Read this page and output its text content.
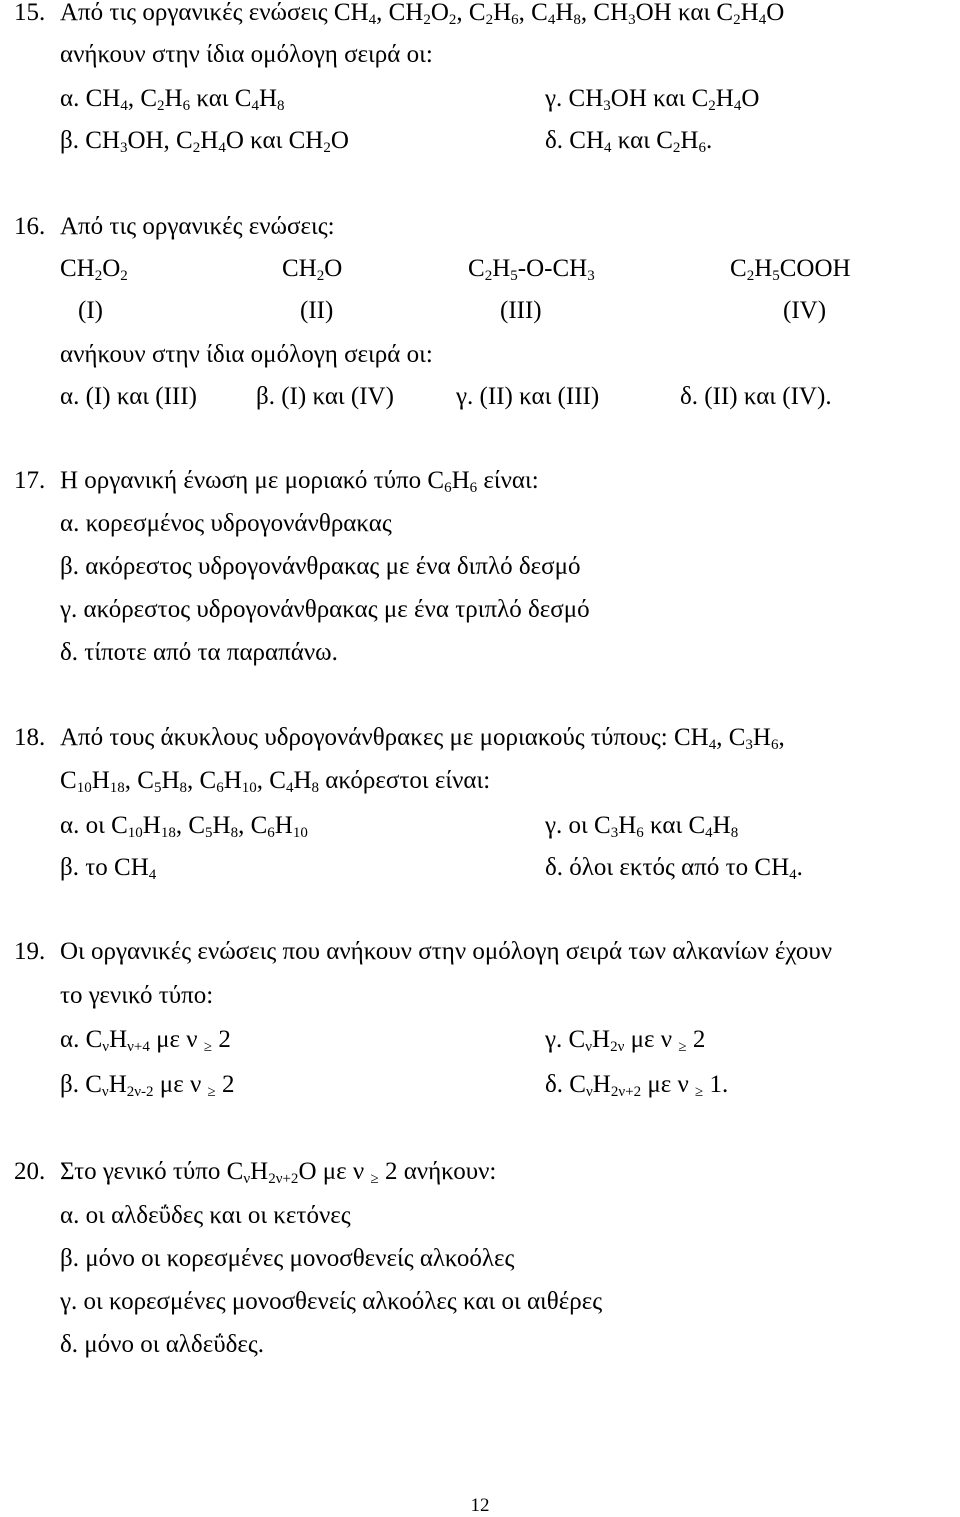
15. Από τις οργανικές ενώσεις $CH_4$, $CH_2O_2$, $C_2H_6$, $C_4H_8$, $CH_3OH$ και $C_2H_4O$
ανήκουν στην ίδια ομόλογη σειρά οι:
α. $CH_4$, $C_2H_6$ και $C_4H_8$	γ. $CH_3OH$ και $C_2H_4O$
β. $CH_3OH$, $C_2H_4O$ και $CH_2O$	δ. $CH_4$ και $C_2H_6$.
16. Από τις οργανικές ενώσεις:
$CH_2O_2$	$CH_2O$	$C_2H_5-O-CH_3$	$C_2H_5COOH$
(I)	(II)	(III)	(IV)
ανήκουν στην ίδια ομόλογη σειρά οι:
α. (I) και (III) β. (I) και (IV) γ. (II) και (III)	δ. (II) και (IV).
17. Η οργανική ένωση με μοριακό τύπο $C_6H_6$ είναι:
α. κορεσμένος υδρογονάνθρακας
β. ακόρεστος υδρογονάνθρακας με ένα διπλό δεσμό
γ. ακόρεστος υδρογονάνθρακας με ένα τριπλό δεσμό
δ. τίποτε από τα παραπάνω.
18. Από τους άκυκλους υδρογονάνθρακες με μοριακούς τύπους: $CH_4$, $C_3H_6$,
$C_{10}H_{18}$, $C_5H_8$, $C_6H_{10}$, $C_4H_8$ ακόρεστοι είναι:
α. οι $C_{10}H_{18}$, $C_5H_8$, $C_6H_{10}$	γ. οι $C_3H_6$ και $C_4H_8$
β. το $CH_4$	δ. όλοι εκτός από το $CH_4$.
19. Οι οργανικές ενώσεις που ανήκουν στην ομόλογη σειρά των αλκανίων έχουν
το γενικό τύπο:
α. $C_\nu H_{\nu+4}$ με ν $_\ge$ 2	γ. $C_\nu H_{2\nu}$ με ν $_\ge$ 2
β. $C_\nu H_{2\nu-2}$ με ν $_\ge$ 2	δ. $C_\nu H_{2\nu+2}$ με ν $_\ge$ 1.
20. Στο γενικό τύπο $C_\nu H_{2\nu+2}O$ με ν $_\ge$ 2 ανήκουν:
α. οι αλδεΰδες και οι κετόνες
β. μόνο οι κορεσμένες μονοσθενείς αλκοόλες
γ. οι κορεσμένες μονοσθενείς αλκοόλες και οι αιθέρες
δ. μόνο οι αλδεΰδες.
12
